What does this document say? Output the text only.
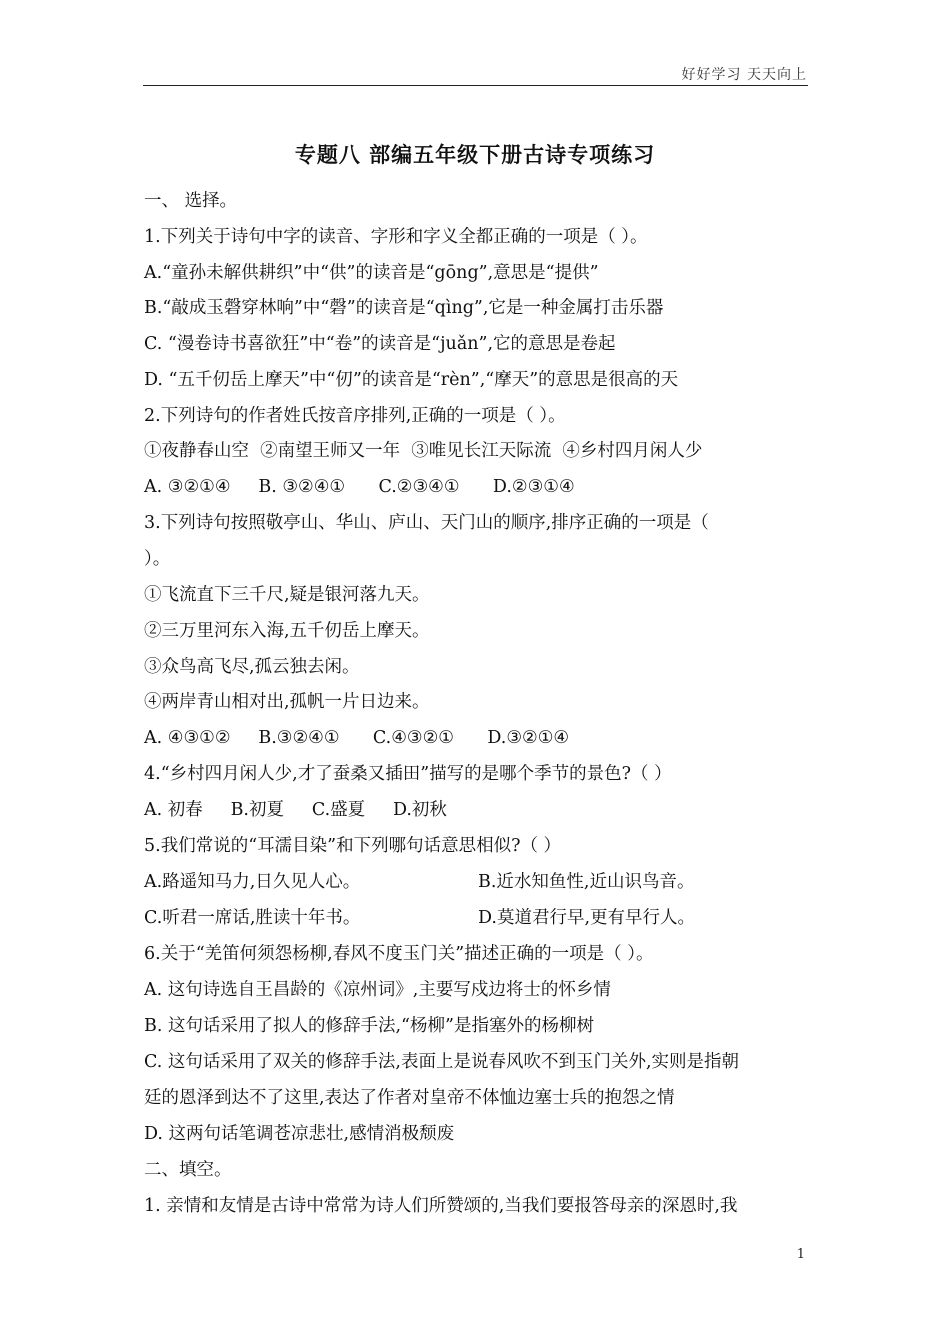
好好学习 天天向上
专题八 部编五年级下册古诗专项练习
一、 选择。
1.下列关于诗句中字的读音、字形和字义全都正确的一项是（ ）。
A.“童孙未解供耕织”中“供”的读音是“gōng”,意思是“提供”
B.“敲成玉磬穿林响”中“磬”的读音是“qìng”,它是一种金属打击乐器
C. “漫卷诗书喜欲狂”中“卷”的读音是“juǎn”,它的意思是卷起
D. “五千仞岳上摩天”中“仞”的读音是“rèn”,“摩天”的意思是很高的天
2.下列诗句的作者姓氏按音序排列,正确的一项是（ ）。
①夜静春山空  ②南望王师又一年  ③唯见长江天际流  ④乡村四月闲人少
A. ③②①④     B. ③②④①      C.②③④①      D.②③①④
3.下列诗句按照敬亭山、华山、庐山、天门山的顺序,排序正确的一项是（
）。
①飞流直下三千尺,疑是银河落九天。
②三万里河东入海,五千仞岳上摩天。
③众鸟高飞尽,孤云独去闲。
④两岸青山相对出,孤帆一片日边来。
A. ④③①②     B.③②④①      C.④③②①      D.③②①④
4.“乡村四月闲人少,才了蚕桑又插田”描写的是哪个季节的景色?（ ）
A. 初春     B.初夏     C.盛夏     D.初秋
5.我们常说的“耳濡目染”和下列哪句话意思相似?（ ）
A.路遥知马力,日久见人心。	B.近水知鱼性,近山识鸟音。
C.听君一席话,胜读十年书。	D.莫道君行早,更有早行人。
6.关于“羌笛何须怨杨柳,春风不度玉门关”描述正确的一项是（ ）。
A. 这句诗选自王昌龄的《凉州词》,主要写戍边将士的怀乡情
B. 这句话采用了拟人的修辞手法,“杨柳”是指塞外的杨柳树
C. 这句话采用了双关的修辞手法,表面上是说春风吹不到玉门关外,实则是指朝
廷的恩泽到达不了这里,表达了作者对皇帝不体恤边塞士兵的抱怨之情
D. 这两句话笔调苍凉悲壮,感情消极颓废
二、填空。
1. 亲情和友情是古诗中常常为诗人们所赞颂的,当我们要报答母亲的深恩时,我
1
